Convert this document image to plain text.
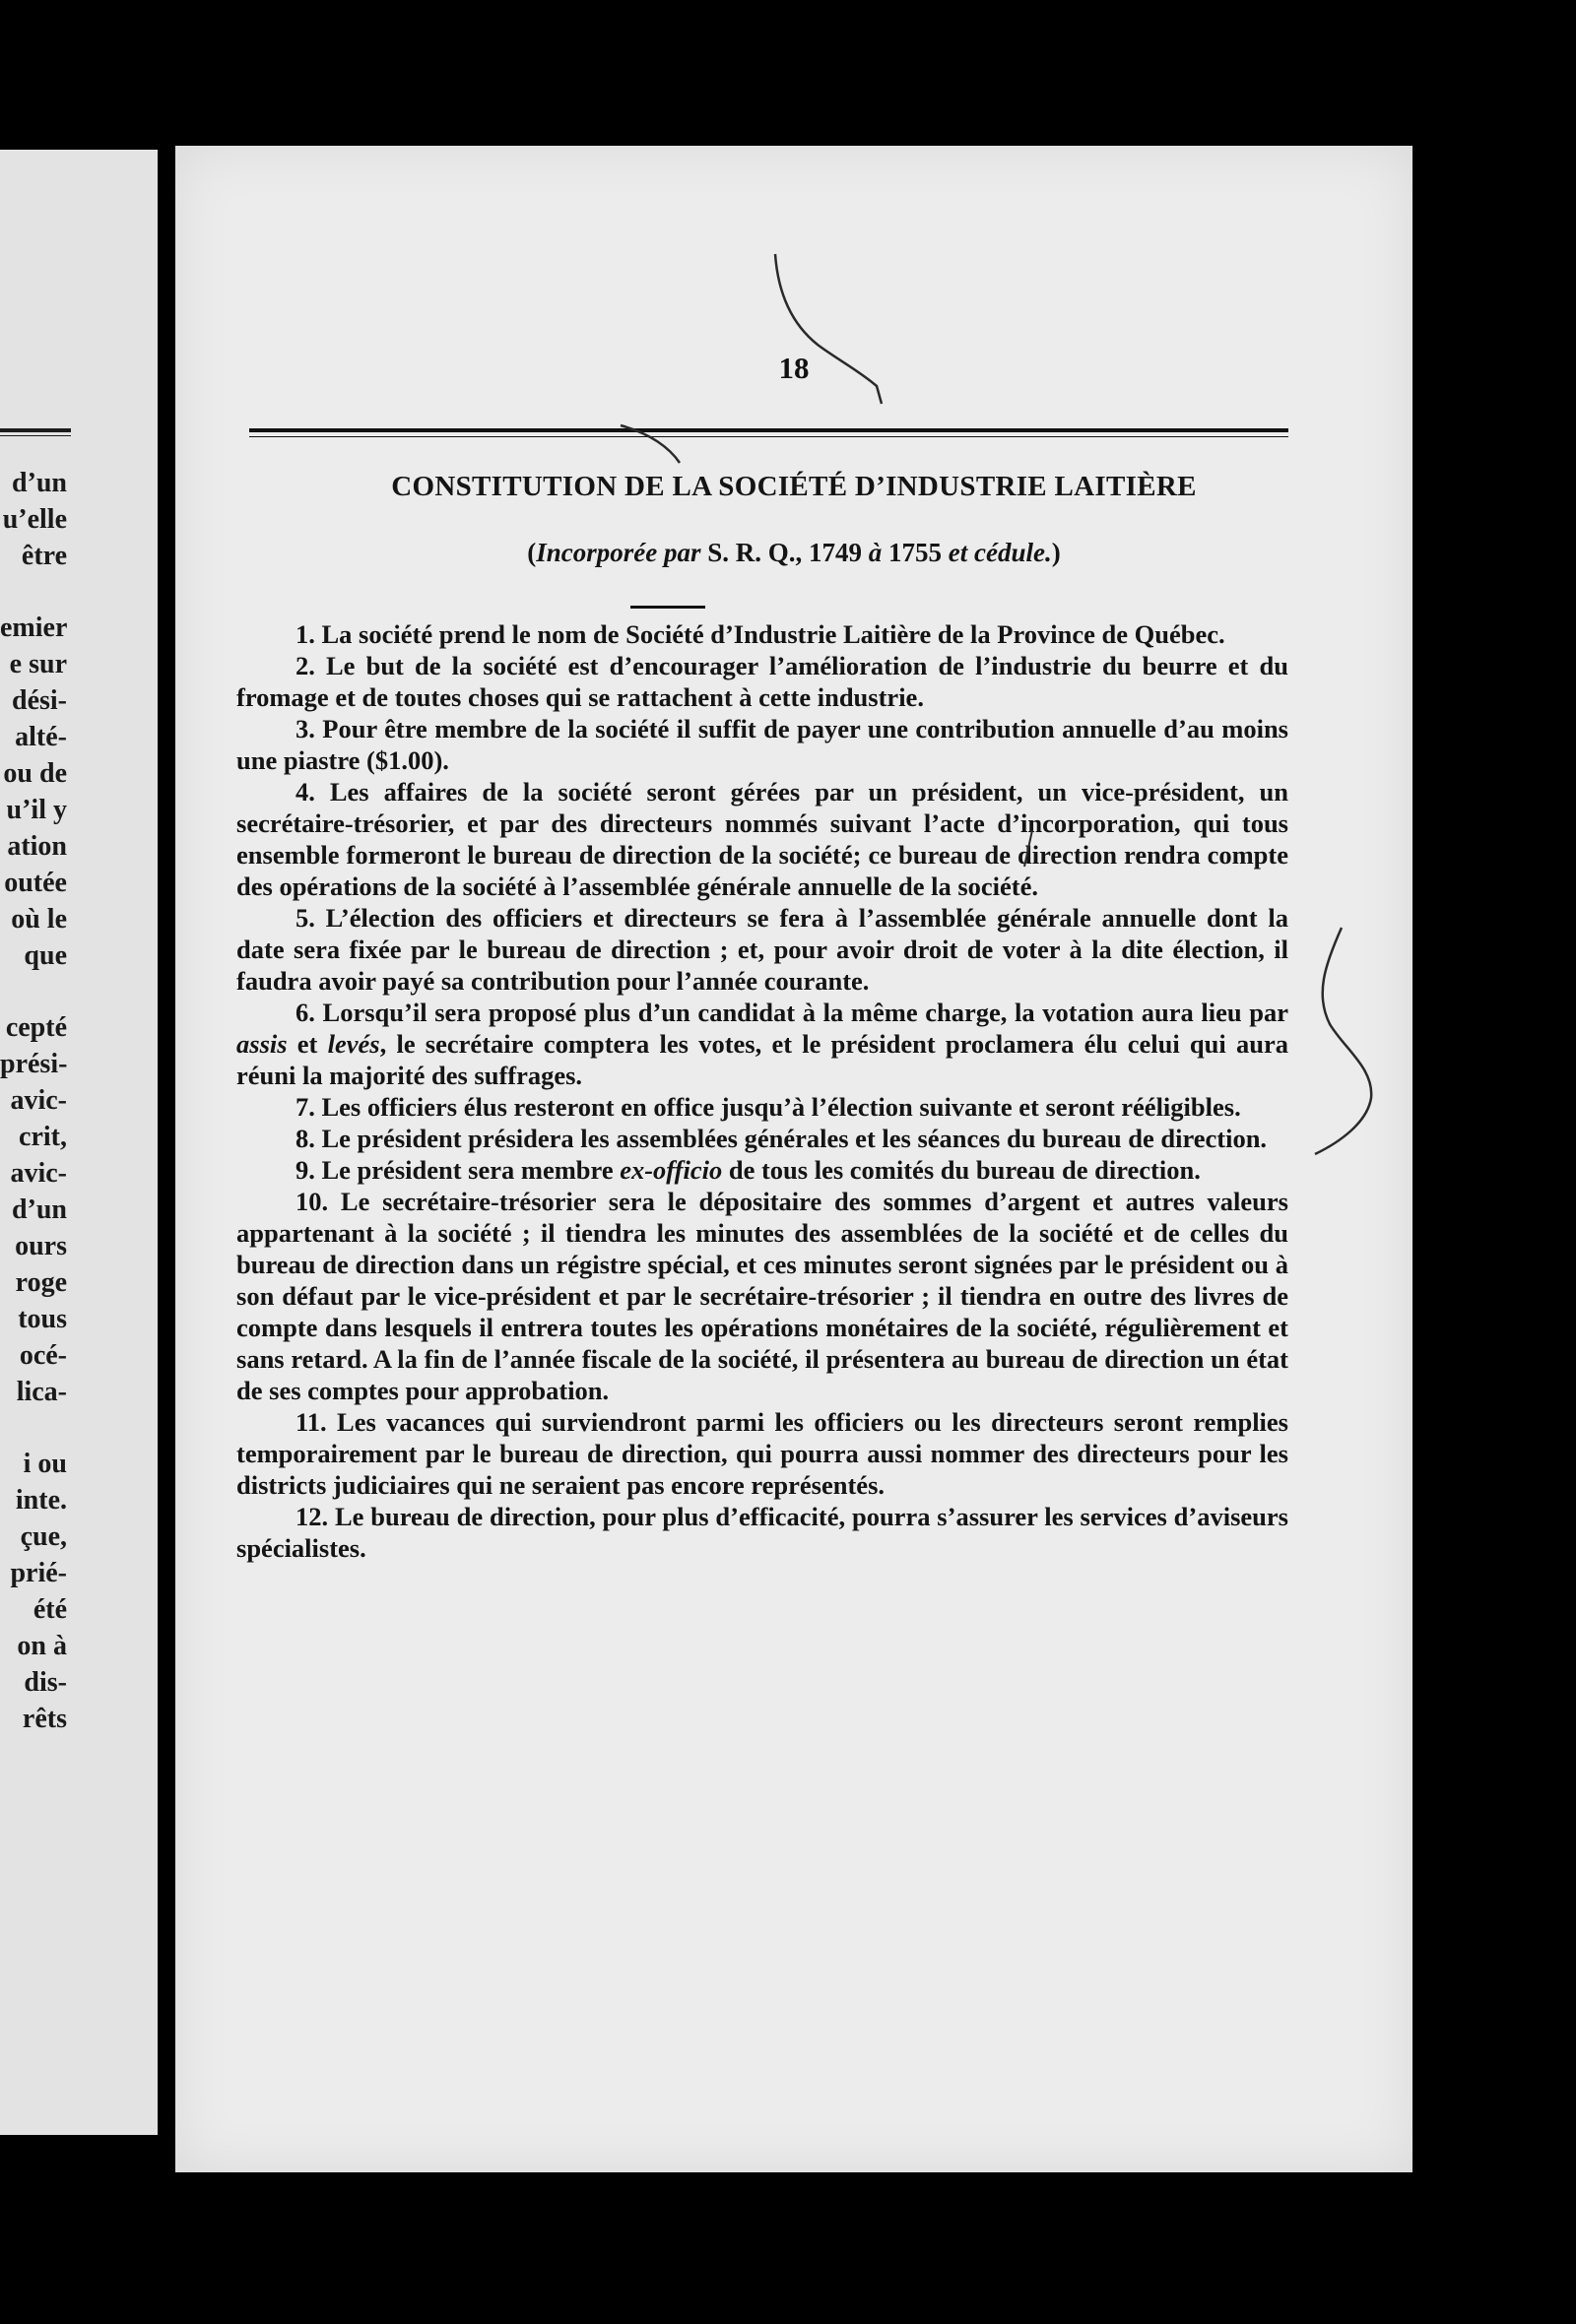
d’un
u’elle
être
emier
e sur
dési-
alté-
ou de
u’il y
ation
outée
où le
que
cepté
prési-
avic-
crit,
avic-
d’un
ours
roge
tous
océ-
lica-
i ou
inte.
çue,
prié-
été
on à
dis-
rêts
18
CONSTITUTION DE LA SOCIÉTÉ D’INDUSTRIE LAITIÈRE
(Incorporée par S. R. Q., 1749 à 1755 et cédule.)

1. La société prend le nom de Société d’Industrie Laitière de la Province de Québec.

2. Le but de la société est d’encourager l’amélioration de l’industrie du beurre et du fromage et de toutes choses qui se rattachent à cette industrie.

3. Pour être membre de la société il suffit de payer une contribution annuelle d’au moins une piastre ($1.00).

4. Les affaires de la société seront gérées par un président, un vice-président, un secrétaire-trésorier, et par des directeurs nommés suivant l’acte d’incorporation, qui tous ensemble formeront le bureau de direction de la société; ce bureau de direction rendra compte des opérations de la société à l’assemblée générale annuelle de la société.

5. L’élection des officiers et directeurs se fera à l’assemblée générale annuelle dont la date sera fixée par le bureau de direction ; et, pour avoir droit de voter à la dite élection, il faudra avoir payé sa contribution pour l’année courante.

6. Lorsqu’il sera proposé plus d’un candidat à la même charge, la votation aura lieu par assis et levés, le secrétaire comptera les votes, et le président proclamera élu celui qui aura réuni la majorité des suffrages.

7. Les officiers élus resteront en office jusqu’à l’élection suivante et seront rééligibles.

8. Le président présidera les assemblées générales et les séances du bureau de direction.

9. Le président sera membre ex-officio de tous les comités du bureau de direction.

10. Le secrétaire-trésorier sera le dépositaire des sommes d’argent et autres valeurs appartenant à la société ; il tiendra les minutes des assemblées de la société et de celles du bureau de direction dans un régistre spécial, et ces minutes seront signées par le président ou à son défaut par le vice-président et par le secrétaire-trésorier ; il tiendra en outre des livres de compte dans lesquels il entrera toutes les opérations monétaires de la société, régulièrement et sans retard. A la fin de l’année fiscale de la société, il présentera au bureau de direction un état de ses comptes pour approbation.

11. Les vacances qui surviendront parmi les officiers ou les directeurs seront remplies temporairement par le bureau de direction, qui pourra aussi nommer des directeurs pour les districts judiciaires qui ne seraient pas encore représentés.

12. Le bureau de direction, pour plus d’efficacité, pourra s’assurer les services d’aviseurs spécialistes.
